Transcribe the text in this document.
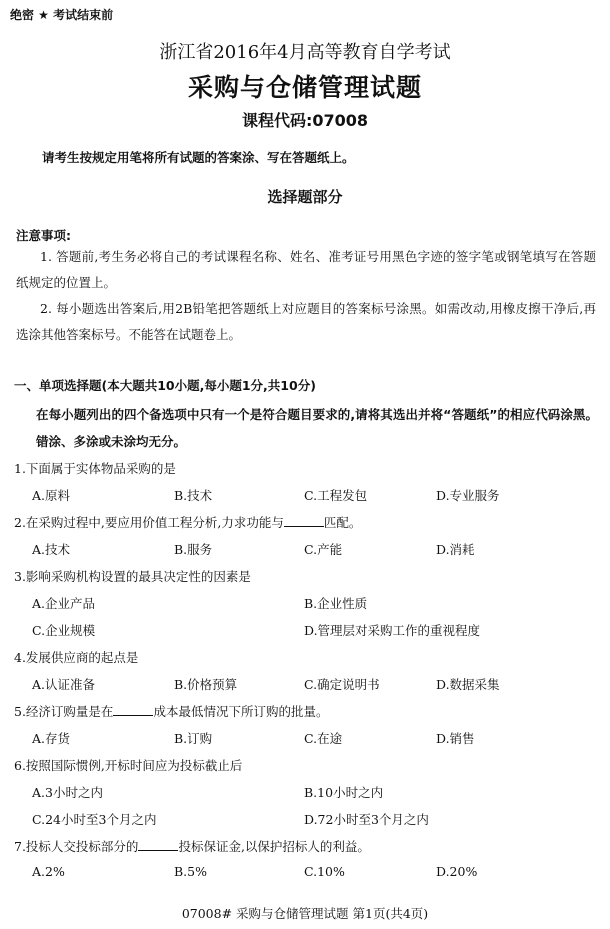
绝密 ★ 考试结束前
浙江省2016年4月高等教育自学考试
采购与仓储管理试题
课程代码:07008
请考生按规定用笔将所有试题的答案涂、写在答题纸上。
选择题部分
注意事项:
1. 答题前,考生务必将自己的考试课程名称、姓名、准考证号用黑色字迹的签字笔或钢笔填写在答题纸规定的位置上。
2. 每小题选出答案后,用2B铅笔把答题纸上对应题目的答案标号涂黑。如需改动,用橡皮擦干净后,再选涂其他答案标号。不能答在试题卷上。
一、单项选择题(本大题共10小题,每小题1分,共10分)
在每小题列出的四个备选项中只有一个是符合题目要求的,请将其选出并将“答题纸”的相应代码涂黑。错涂、多涂或未涂均无分。
1.下面属于实体物品采购的是
A.原料	B.技术	C.工程发包	D.专业服务
2.在采购过程中,要应用价值工程分析,力求功能与	匹配。
A.技术	B.服务	C.产能	D.消耗
3.影响采购机构设置的最具决定性的因素是
A.企业产品	B.企业性质
C.企业规模	D.管理层对采购工作的重视程度
4.发展供应商的起点是
A.认证准备	B.价格预算	C.确定说明书	D.数据采集
5.经济订购量是在	成本最低情况下所订购的批量。
A.存货	B.订购	C.在途	D.销售
6.按照国际惯例,开标时间应为投标截止后
A.3小时之内	B.10小时之内
C.24小时至3个月之内	D.72小时至3个月之内
7.投标人交投标部分的	投标保证金,以保护招标人的利益。
A.2%	B.5%	C.10%	D.20%
07008# 采购与仓储管理试题 第1页(共4页)
